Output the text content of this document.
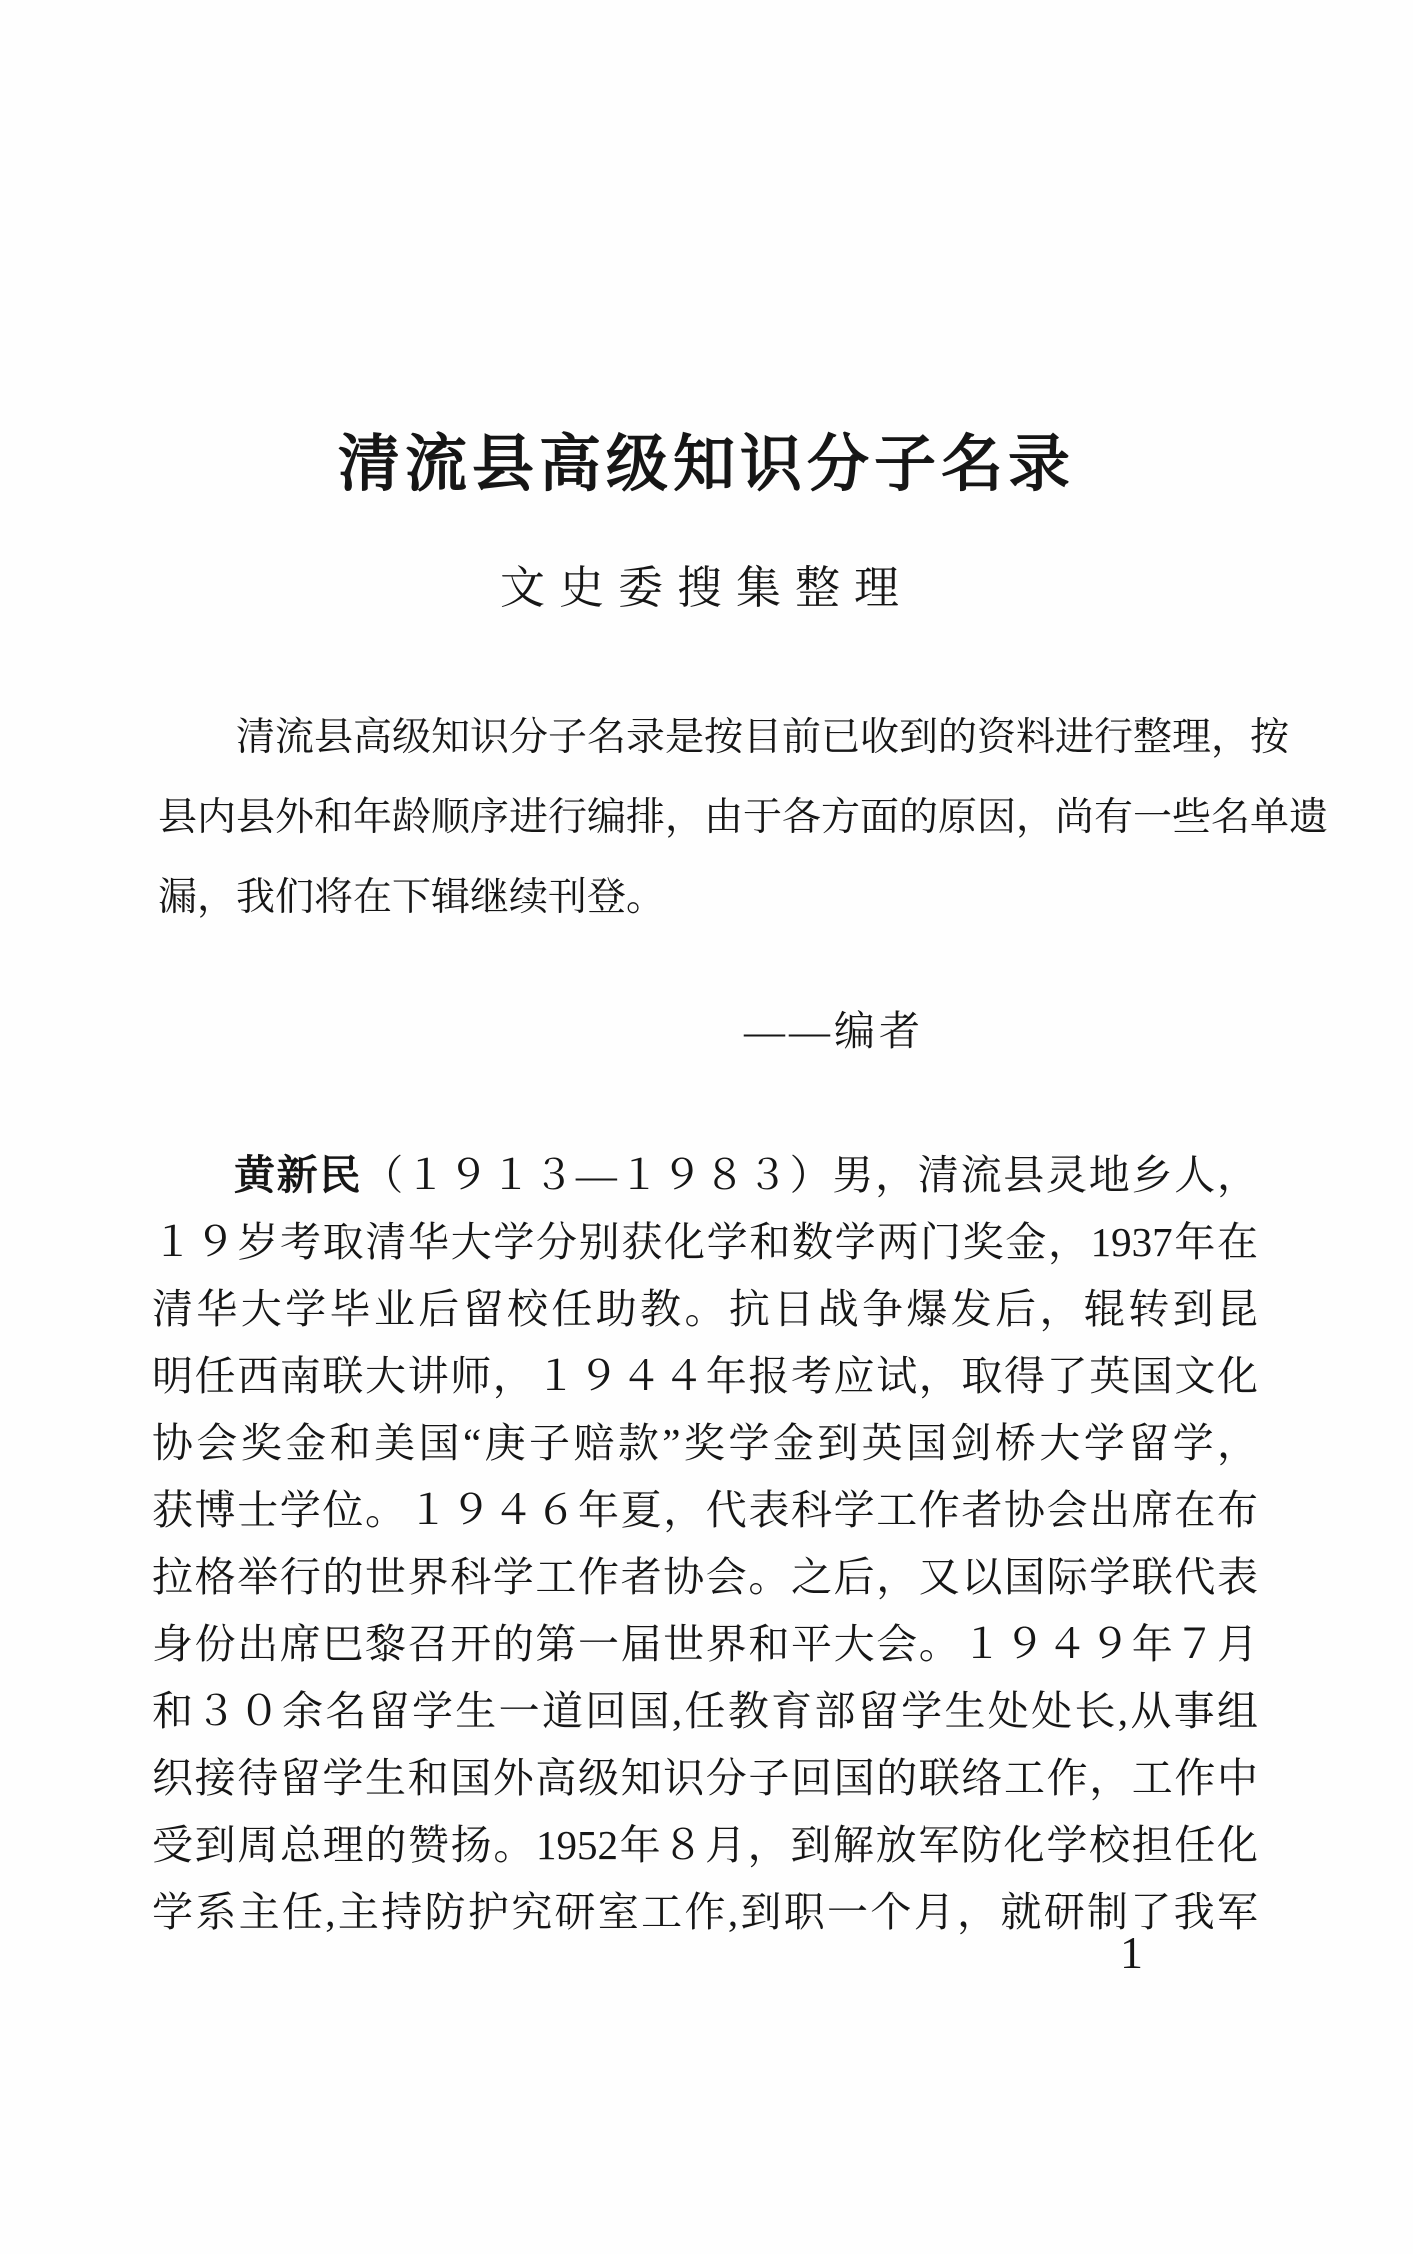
清流县高级知识分子名录
文史委搜集整理
清流县高级知识分子名录是按目前已收到的资料进行整理，按
县内县外和年龄顺序进行编排，由于各方面的原因，尚有一些名单遗
漏，我们将在下辑继续刊登。
——编者
黄新民（１９１３—１９８３）男，清流县灵地乡人，
１９岁考取清华大学分别获化学和数学两门奖金，1937年在
清华大学毕业后留校任助教。抗日战争爆发后，辊转到昆
明任西南联大讲师，１９４４年报考应试，取得了英国文化
协会奖金和美国“庚子赔款”奖学金到英国剑桥大学留学，
获博士学位。１９４６年夏，代表科学工作者协会出席在布
拉格举行的世界科学工作者协会。之后，又以国际学联代表
身份出席巴黎召开的第一届世界和平大会。１９４９年７月
和３０余名留学生一道回国,任教育部留学生处处长,从事组
织接待留学生和国外高级知识分子回国的联络工作，工作中
受到周总理的赞扬。1952年８月，到解放军防化学校担任化
学系主任,主持防护究研室工作,到职一个月，就研制了我军
1
